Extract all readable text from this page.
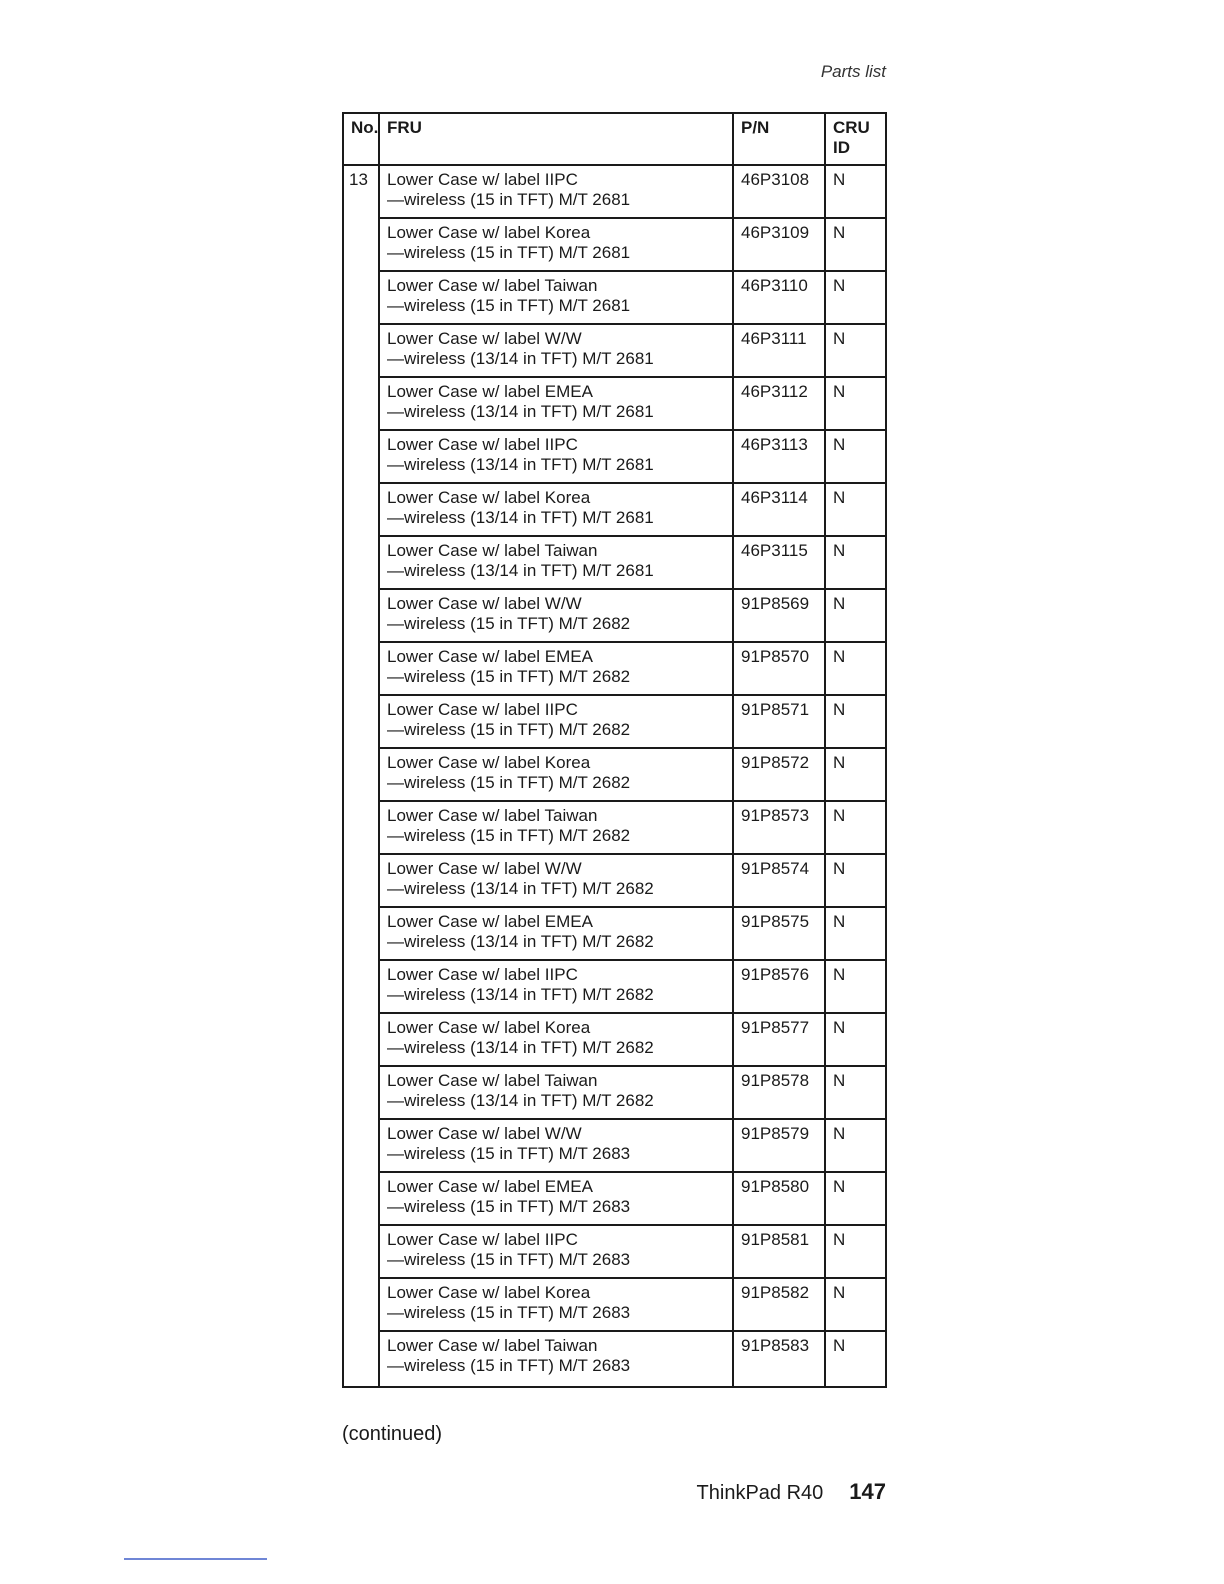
Parts list
No.	FRU	P/N	CRU
ID

13	Lower Case w/ label IIPC
—wireless (15 in TFT) M/T 2681	46P3108	N

	Lower Case w/ label Korea
—wireless (15 in TFT) M/T 2681	46P3109	N

	Lower Case w/ label Taiwan
—wireless (15 in TFT) M/T 2681	46P3110	N

	Lower Case w/ label W/W
—wireless (13/14 in TFT) M/T 2681	46P3111	N

	Lower Case w/ label EMEA
—wireless (13/14 in TFT) M/T 2681	46P3112	N

	Lower Case w/ label IIPC
—wireless (13/14 in TFT) M/T 2681	46P3113	N

	Lower Case w/ label Korea
—wireless (13/14 in TFT) M/T 2681	46P3114	N

	Lower Case w/ label Taiwan
—wireless (13/14 in TFT) M/T 2681	46P3115	N

	Lower Case w/ label W/W
—wireless (15 in TFT) M/T 2682	91P8569	N

	Lower Case w/ label EMEA
—wireless (15 in TFT) M/T 2682	91P8570	N

	Lower Case w/ label IIPC
—wireless (15 in TFT) M/T 2682	91P8571	N

	Lower Case w/ label Korea
—wireless (15 in TFT) M/T 2682	91P8572	N

	Lower Case w/ label Taiwan
—wireless (15 in TFT) M/T 2682	91P8573	N

	Lower Case w/ label W/W
—wireless (13/14 in TFT) M/T 2682	91P8574	N

	Lower Case w/ label EMEA
—wireless (13/14 in TFT) M/T 2682	91P8575	N

	Lower Case w/ label IIPC
—wireless (13/14 in TFT) M/T 2682	91P8576	N

	Lower Case w/ label Korea
—wireless (13/14 in TFT) M/T 2682	91P8577	N

	Lower Case w/ label Taiwan
—wireless (13/14 in TFT) M/T 2682	91P8578	N

	Lower Case w/ label W/W
—wireless (15 in TFT) M/T 2683	91P8579	N

	Lower Case w/ label EMEA
—wireless (15 in TFT) M/T 2683	91P8580	N

	Lower Case w/ label IIPC
—wireless (15 in TFT) M/T 2683	91P8581	N

	Lower Case w/ label Korea
—wireless (15 in TFT) M/T 2683	91P8582	N

	Lower Case w/ label Taiwan
—wireless (15 in TFT) M/T 2683	91P8583	N
(continued)
ThinkPad R40 147
